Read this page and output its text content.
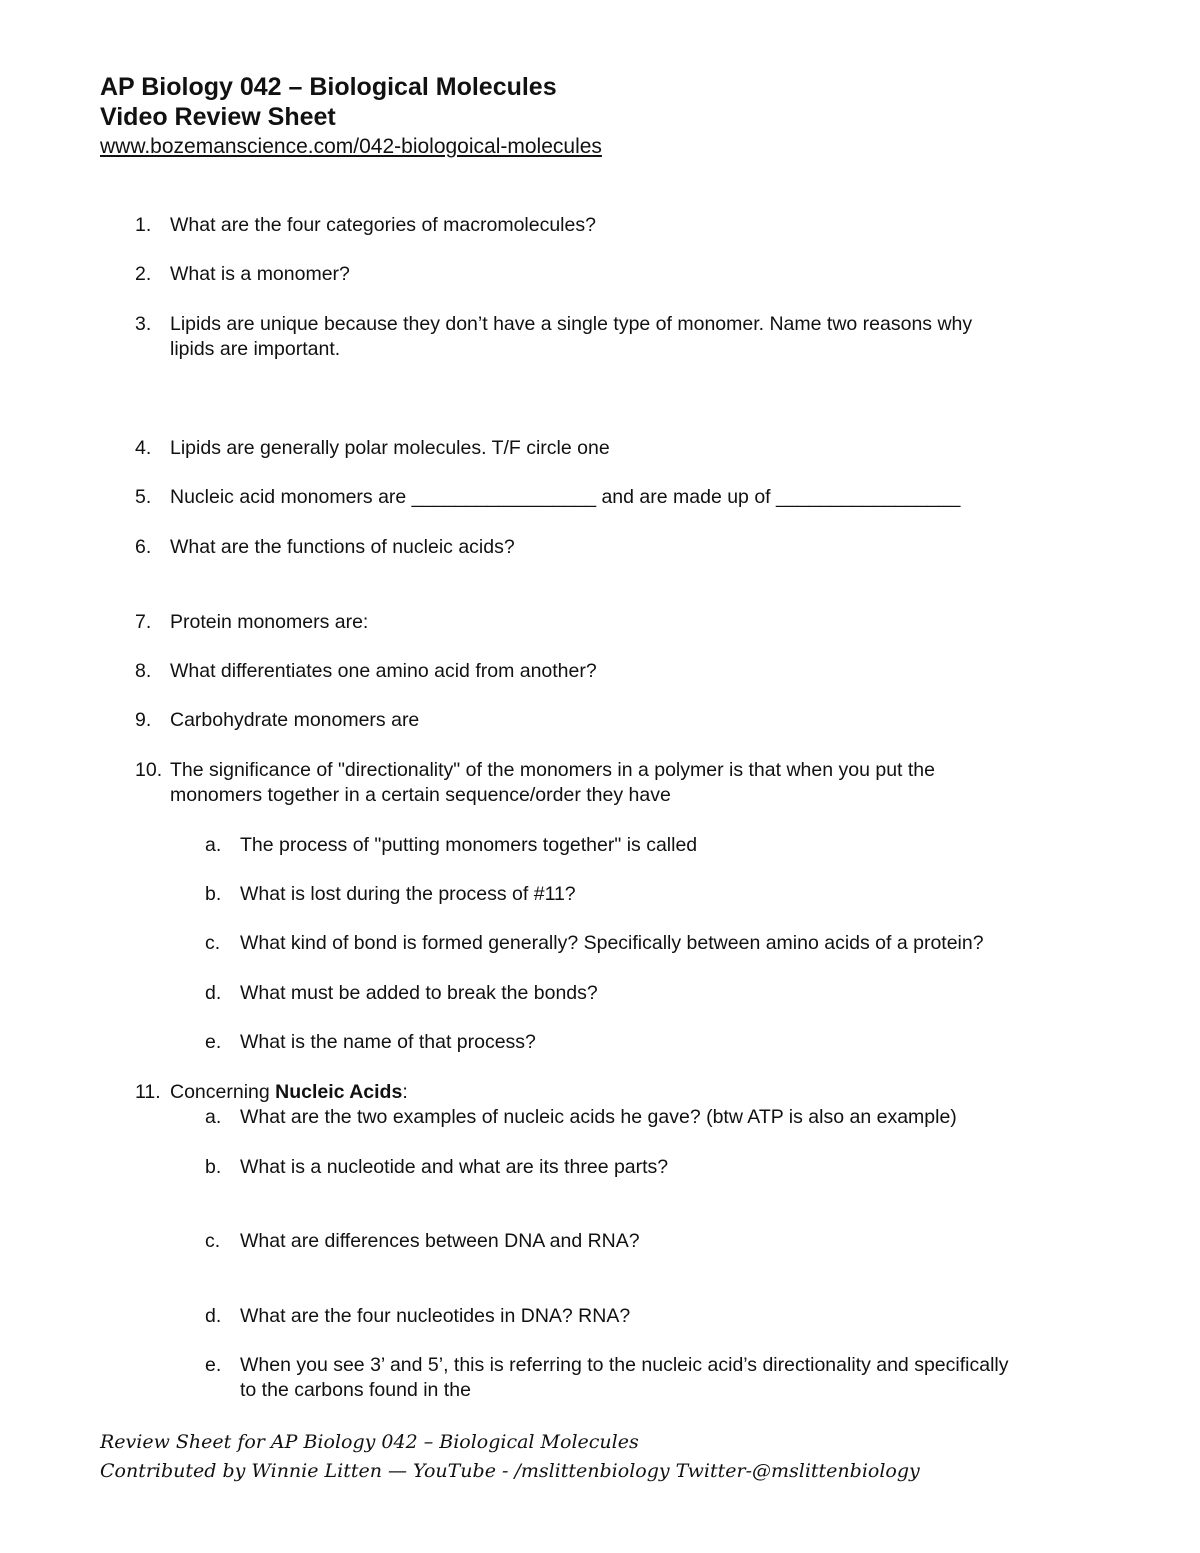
AP Biology 042 – Biological Molecules
Video Review Sheet
www.bozemanscience.com/042-biologoical-molecules
1. What are the four categories of macromolecules?
2. What is a monomer?
3. Lipids are unique because they don’t have a single type of monomer. Name two reasons why
lipids are important.
4. Lipids are generally polar molecules. T/F circle one
5. Nucleic acid monomers are _________________ and are made up of _________________
6. What are the functions of nucleic acids?
7. Protein monomers are:
8. What differentiates one amino acid from another?
9. Carbohydrate monomers are
10. The significance of "directionality" of the monomers in a polymer is that when you put the
monomers together in a certain sequence/order they have
a. The process of "putting monomers together" is called
b. What is lost during the process of #11?
c. What kind of bond is formed generally? Specifically between amino acids of a protein?
d. What must be added to break the bonds?
e. What is the name of that process?
11. Concerning Nucleic Acids:
a. What are the two examples of nucleic acids he gave? (btw ATP is also an example)
b. What is a nucleotide and what are its three parts?
c. What are differences between DNA and RNA?
d. What are the four nucleotides in DNA? RNA?
e. When you see 3’ and 5’, this is referring to the nucleic acid’s directionality and specifically
to the carbons found in the
Review Sheet for AP Biology 042 – Biological Molecules
Contributed by Winnie Litten — YouTube - /mslittenbiology Twitter-@mslittenbiology
